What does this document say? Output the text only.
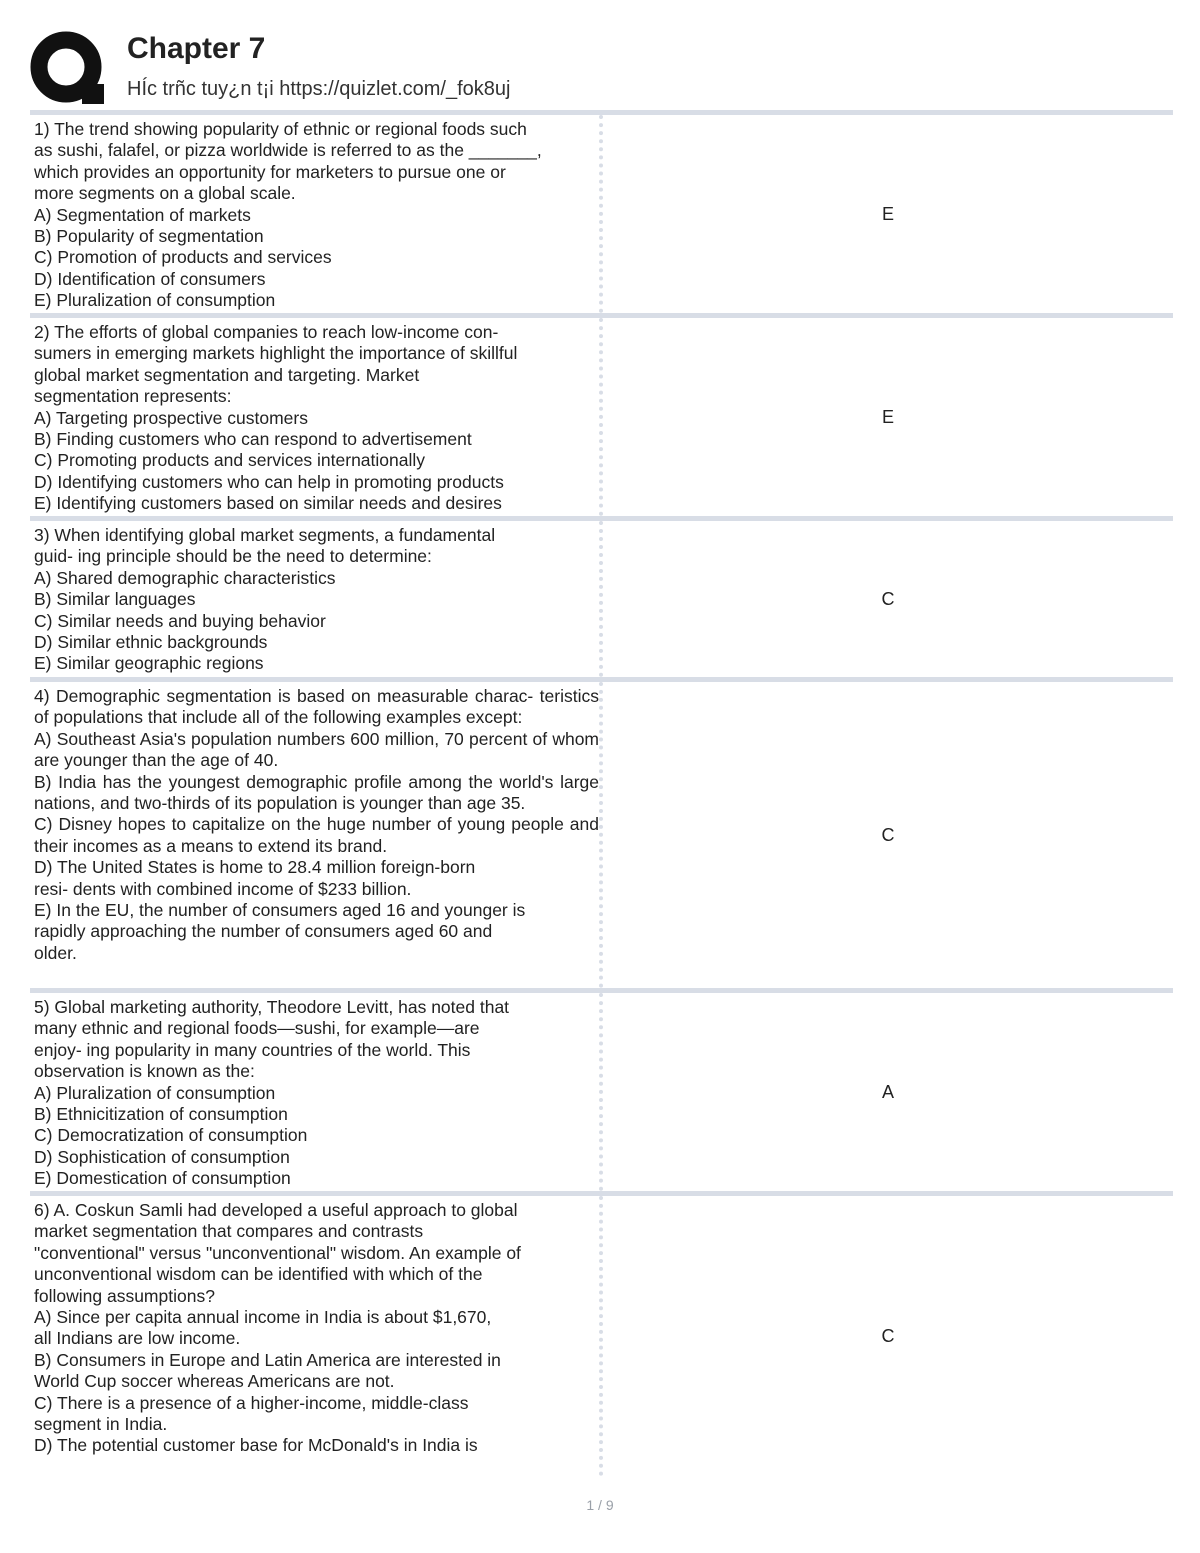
Chapter 7
HÍc trñc tuy¿n t¡i https://quizlet.com/_fok8uj
1) The trend showing popularity of ethnic or regional foods such
as sushi, falafel, or pizza worldwide is referred to as the _______,
which provides an opportunity for marketers to pursue one or
more segments on a global scale.
A) Segmentation of markets
B) Popularity of segmentation
C) Promotion of products and services
D) Identification of consumers
E) Pluralization of consumption
E
2) The efforts of global companies to reach low-income con-
sumers in emerging markets highlight the importance of skillful
global market segmentation and targeting. Market
segmentation represents:
A) Targeting prospective customers
B) Finding customers who can respond to advertisement
C) Promoting products and services internationally
D) Identifying customers who can help in promoting products
E) Identifying customers based on similar needs and desires
E
3) When identifying global market segments, a fundamental
guid- ing principle should be the need to determine:
A) Shared demographic characteristics
B) Similar languages
C) Similar needs and buying behavior
D) Similar ethnic backgrounds
E) Similar geographic regions
C
4) Demographic segmentation is based on measurable charac- teristics of populations that include all of the following examples except:
A) Southeast Asia's population numbers 600 million, 70 percent of whom are younger than the age of 40.
B) India has the youngest demographic profile among the world's large nations, and two-thirds of its population is younger than age 35.
C) Disney hopes to capitalize on the huge number of young people and their incomes as a means to extend its brand.
D) The United States is home to 28.4 million foreign-born
resi- dents with combined income of $233 billion.
E) In the EU, the number of consumers aged 16 and younger is
rapidly approaching the number of consumers aged 60 and
older.
C
5) Global marketing authority, Theodore Levitt, has noted that
many ethnic and regional foods—sushi, for example—are
enjoy- ing popularity in many countries of the world. This
observation is known as the:
A) Pluralization of consumption
B) Ethnicitization of consumption
C) Democratization of consumption
D) Sophistication of consumption
E) Domestication of consumption
A
6) A. Coskun Samli had developed a useful approach to global
market segmentation that compares and contrasts
"conventional" versus "unconventional" wisdom. An example of
unconventional wisdom can be identified with which of the
following assumptions?
A) Since per capita annual income in India is about $1,670,
all Indians are low income.
B) Consumers in Europe and Latin America are interested in
World Cup soccer whereas Americans are not.
C) There is a presence of a higher-income, middle-class
segment in India.
D) The potential customer base for McDonald's in India is
C
1 / 9
